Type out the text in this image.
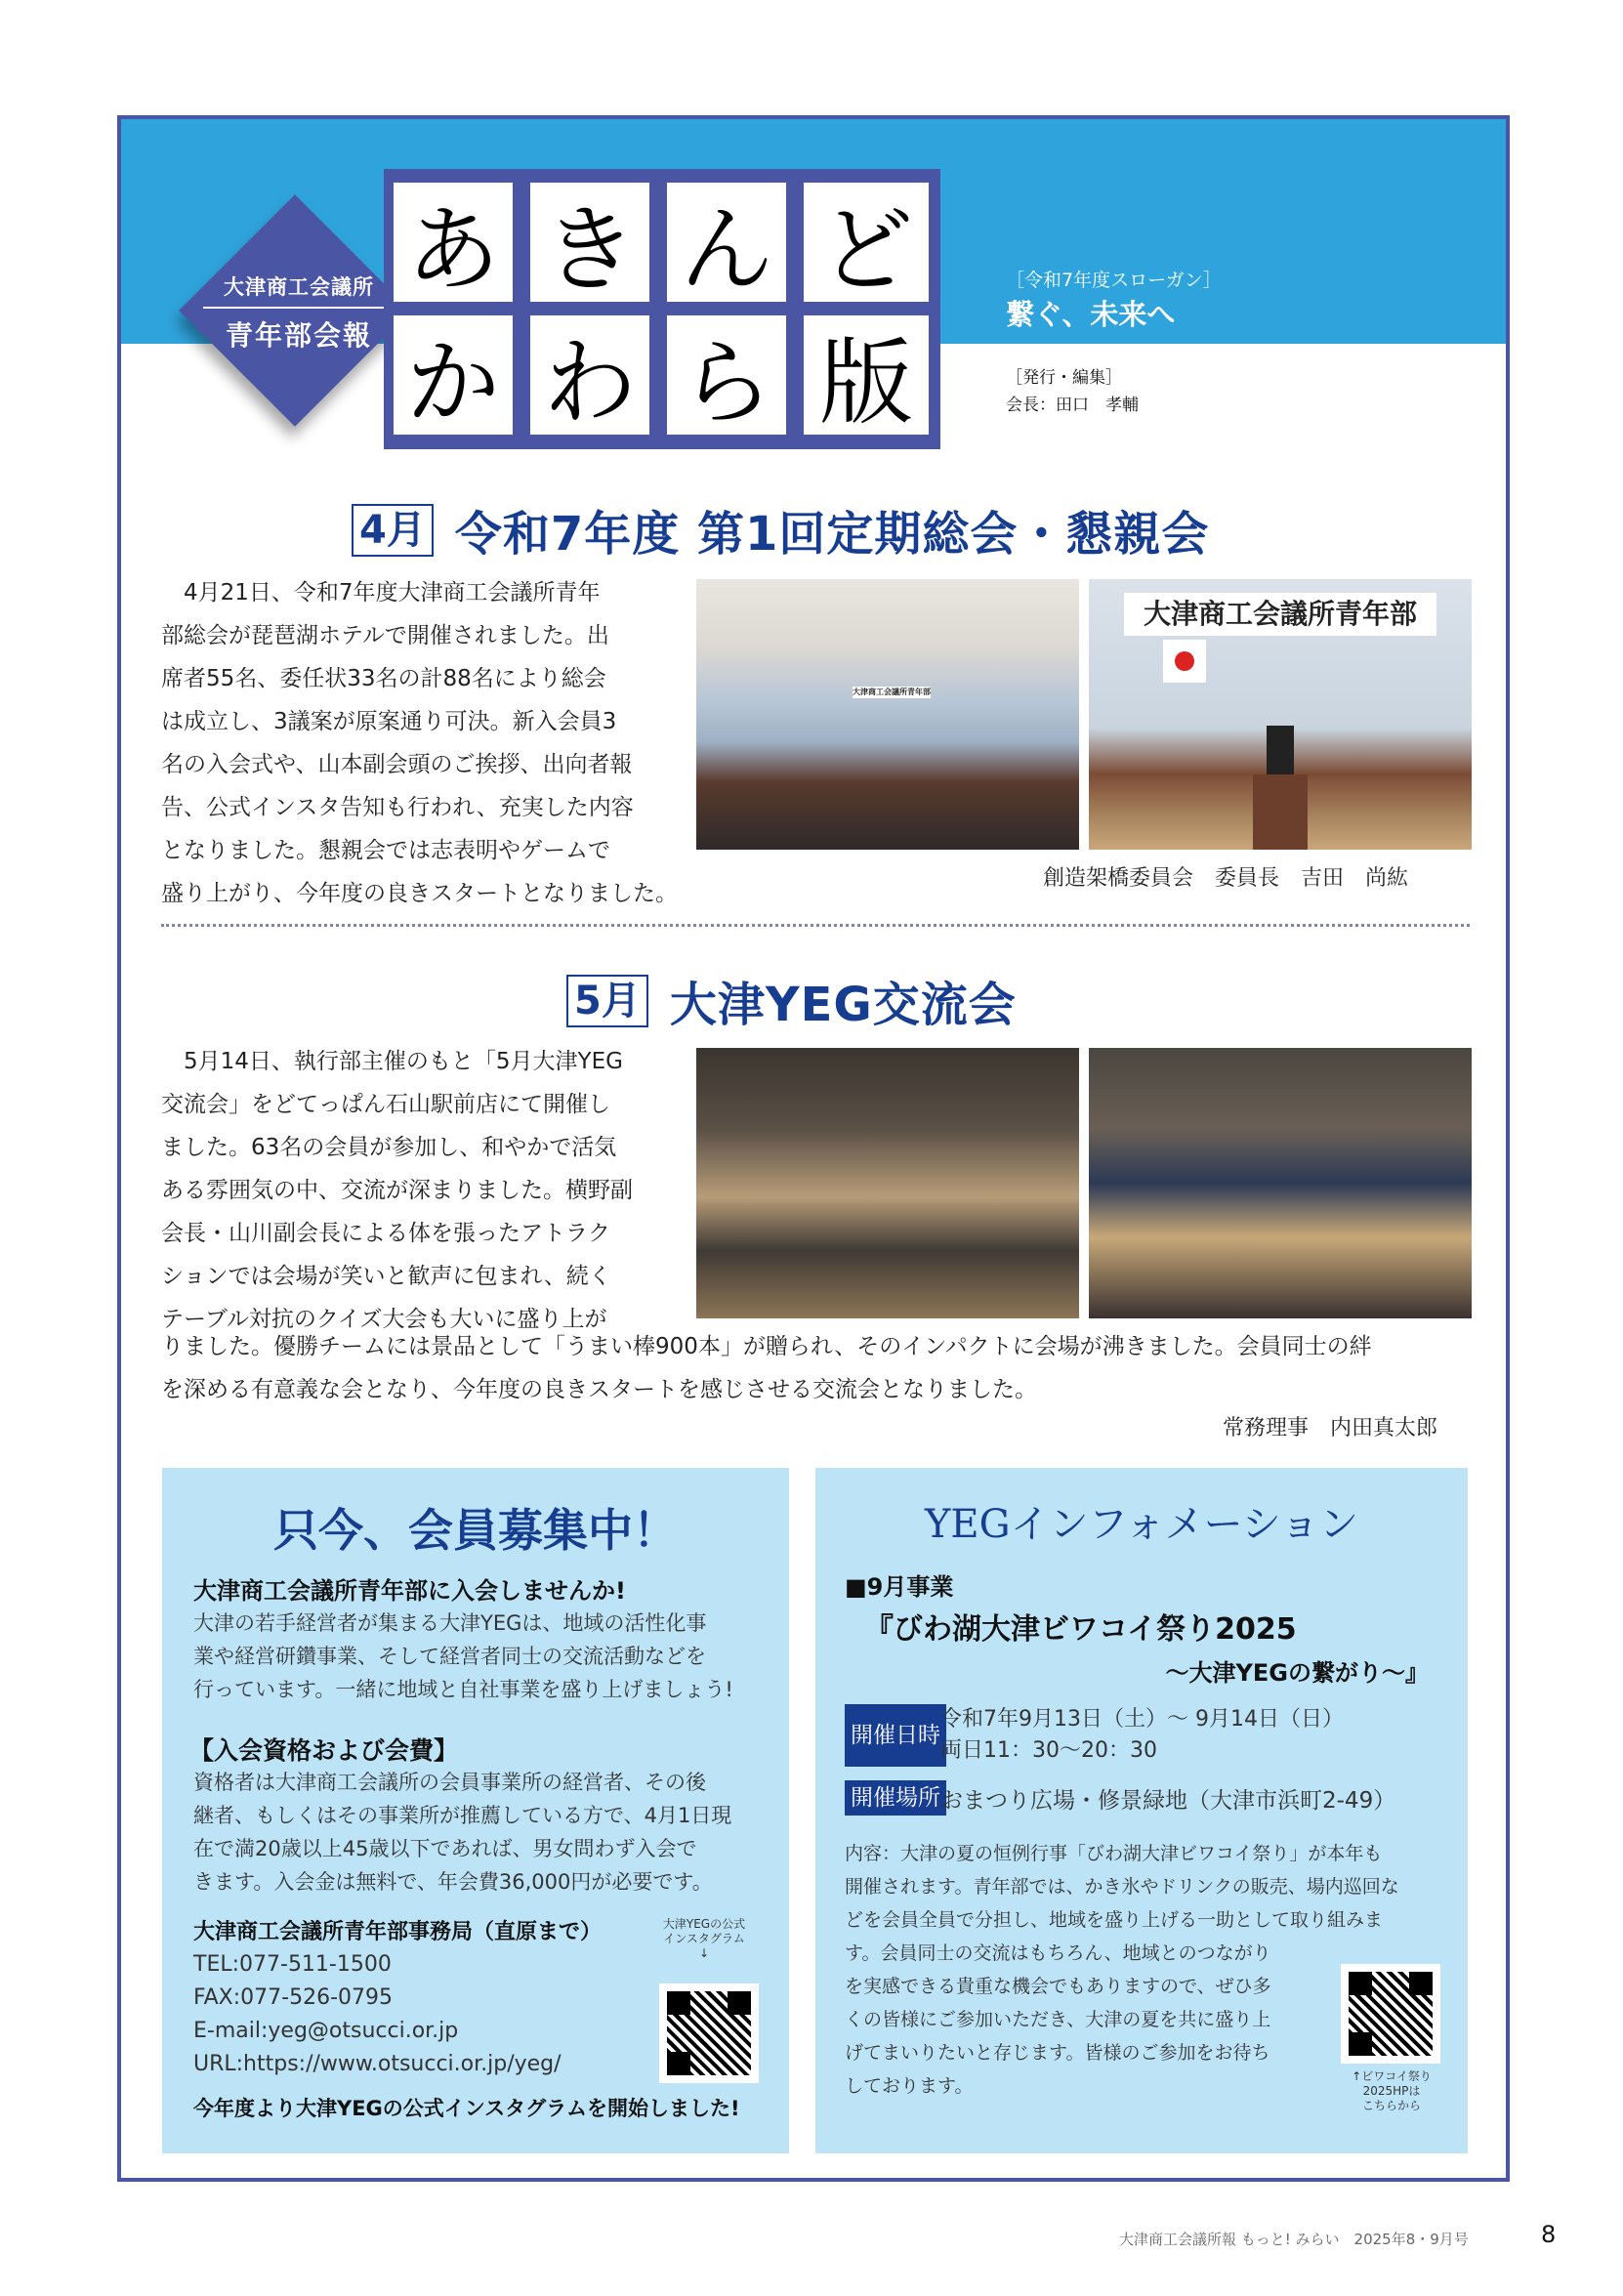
大津商工会議所
青年部会報
あ き ん ど
か わ ら 版
［令和7年度スローガン］
繋ぐ、未来へ
［発行・編集］
会長：田口　孝輔
4月 令和7年度 第1回定期総会・懇親会
　4月21日、令和7年度大津商工会議所青年
部総会が琵琶湖ホテルで開催されました。出
席者55名、委任状33名の計88名により総会
は成立し、3議案が原案通り可決。新入会員3
名の入会式や、山本副会頭のご挨拶、出向者報
告、公式インスタ告知も行われ、充実した内容
となりました。懇親会では志表明やゲームで
盛り上がり、今年度の良きスタートとなりました。
大津商工会議所青年部
大津商工会議所青年部
創造架橋委員会　委員長　吉田　尚紘
5月 大津YEG交流会
　5月14日、執行部主催のもと「5月大津YEG
交流会」をどてっぱん石山駅前店にて開催し
ました。63名の会員が参加し、和やかで活気
ある雰囲気の中、交流が深まりました。横野副
会長・山川副会長による体を張ったアトラク
ションでは会場が笑いと歓声に包まれ、続く
テーブル対抗のクイズ大会も大いに盛り上が
りました。優勝チームには景品として「うまい棒900本」が贈られ、そのインパクトに会場が沸きました。会員同士の絆
を深める有意義な会となり、今年度の良きスタートを感じさせる交流会となりました。
常務理事　内田真太郎
只今、会員募集中！
大津商工会議所青年部に入会しませんか!
大津の若手経営者が集まる大津YEGは、地域の活性化事
業や経営研鑽事業、そして経営者同士の交流活動などを
行っています。一緒に地域と自社事業を盛り上げましょう!
【入会資格および会費】
資格者は大津商工会議所の会員事業所の経営者、その後
継者、もしくはその事業所が推薦している方で、4月1日現
在で満20歳以上45歳以下であれば、男女問わず入会で
きます。入会金は無料で、年会費36,000円が必要です。
大津商工会議所青年部事務局（直原まで）
TEL:077-511-1500
FAX:077-526-0795
E-mail:yeg@otsucci.or.jp
URL:https://www.otsucci.or.jp/yeg/
大津YEGの公式
インスタグラム
↓
今年度より大津YEGの公式インスタグラムを開始しました!
YEGインフォメーション
■9月事業
『びわ湖大津ビワコイ祭り2025
～大津YEGの繋がり～』
開催日時
令和7年9月13日（土）～ 9月14日（日）
両日11：30～20：30
開催場所 おまつり広場・修景緑地（大津市浜町2-49）
内容：大津の夏の恒例行事「びわ湖大津ビワコイ祭り」が本年も
開催されます。青年部では、かき氷やドリンクの販売、場内巡回な
どを会員全員で分担し、地域を盛り上げる一助として取り組みま
す。会員同士の交流はもちろん、地域とのつながり
を実感できる貴重な機会でもありますので、ぜひ多
くの皆様にご参加いただき、大津の夏を共に盛り上
げてまいりたいと存じます。皆様のご参加をお待ち
しております。	↑ビワコイ祭り
2025HPは
こちらから
大津商工会議所報 もっと! みらい　2025年8・9月号	8
